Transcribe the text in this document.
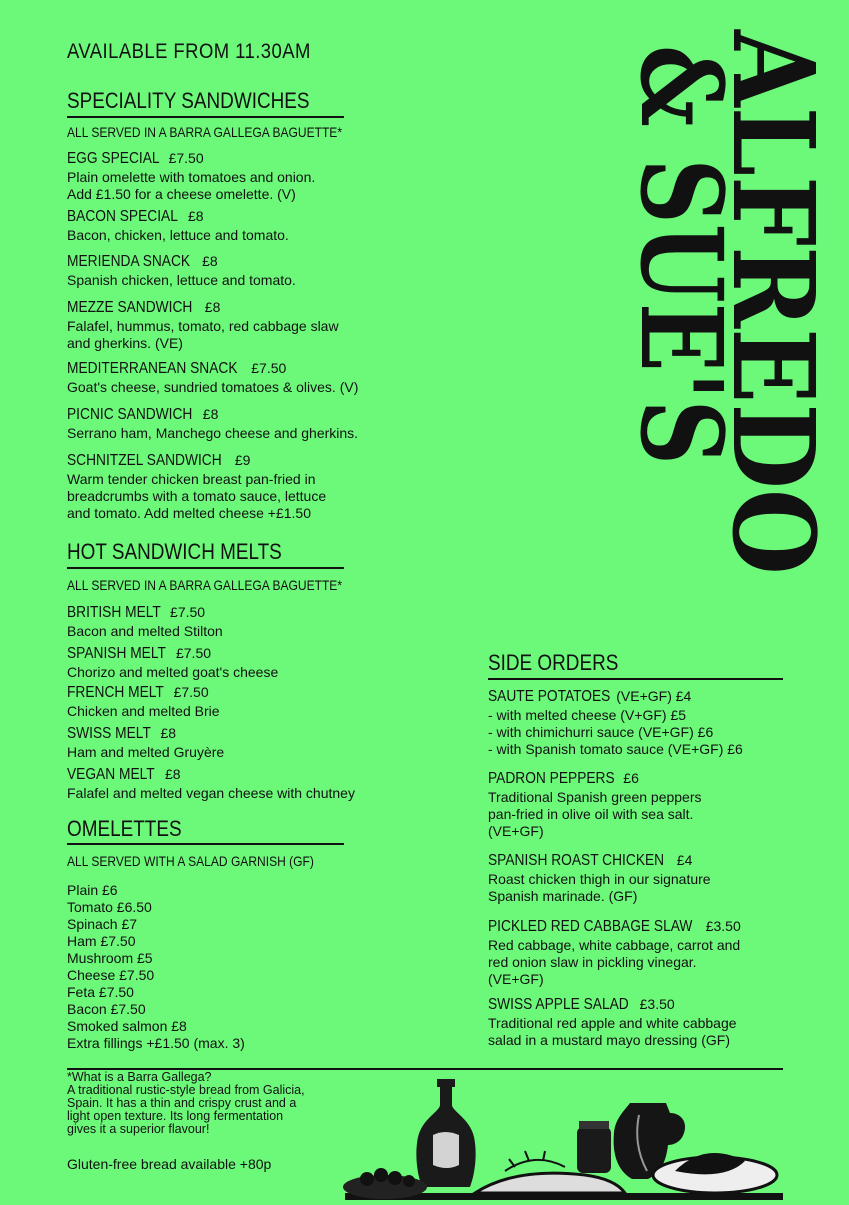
AVAILABLE FROM 11.30AM	ALFREDO
& SUE'S
SPECIALITY SANDWICHES
ALL SERVED IN A BARRA GALLEGA BAGUETTE*
EGG SPECIAL £7.50
Plain omelette with tomatoes and onion.
Add £1.50 for a cheese omelette. (V)
BACON SPECIAL £8
Bacon, chicken, lettuce and tomato.
MERIENDA SNACK £8
Spanish chicken, lettuce and tomato.
MEZZE SANDWICH £8
Falafel, hummus, tomato, red cabbage slaw
and gherkins. (VE)
MEDITERRANEAN SNACK £7.50
Goat's cheese, sundried tomatoes & olives. (V)
PICNIC SANDWICH £8
Serrano ham, Manchego cheese and gherkins.
SCHNITZEL SANDWICH £9
Warm tender chicken breast pan-fried in
breadcrumbs with a tomato sauce, lettuce
and tomato. Add melted cheese +£1.50
HOT SANDWICH MELTS
ALL SERVED IN A BARRA GALLEGA BAGUETTE*
BRITISH MELT £7.50
Bacon and melted Stilton
SPANISH MELT £7.50
Chorizo and melted goat's cheese
FRENCH MELT £7.50
Chicken and melted Brie
SWISS MELT £8
Ham and melted Gruyère
VEGAN MELT £8
Falafel and melted vegan cheese with chutney
OMELETTES
ALL SERVED WITH A SALAD GARNISH (GF)
Plain £6
Tomato £6.50
Spinach £7
Ham £7.50
Mushroom £5
Cheese £7.50
Feta £7.50
Bacon £7.50
Smoked salmon £8
Extra fillings +£1.50 (max. 3)
SIDE ORDERS
SAUTE POTATOES (VE+GF) £4
- with melted cheese (V+GF) £5
- with chimichurri sauce (VE+GF) £6
- with Spanish tomato sauce (VE+GF) £6
PADRON PEPPERS £6
Traditional Spanish green peppers
pan-fried in olive oil with sea salt.
(VE+GF)
SPANISH ROAST CHICKEN £4
Roast chicken thigh in our signature
Spanish marinade. (GF)
PICKLED RED CABBAGE SLAW £3.50
Red cabbage, white cabbage, carrot and
red onion slaw in pickling vinegar.
(VE+GF)
SWISS APPLE SALAD £3.50
Traditional red apple and white cabbage
salad in a mustard mayo dressing (GF)
*What is a Barra Gallega?
A traditional rustic-style bread from Galicia,
Spain. It has a thin and crispy crust and a
light open texture. Its long fermentation
gives it a superior flavour!
Gluten-free bread available +80p
